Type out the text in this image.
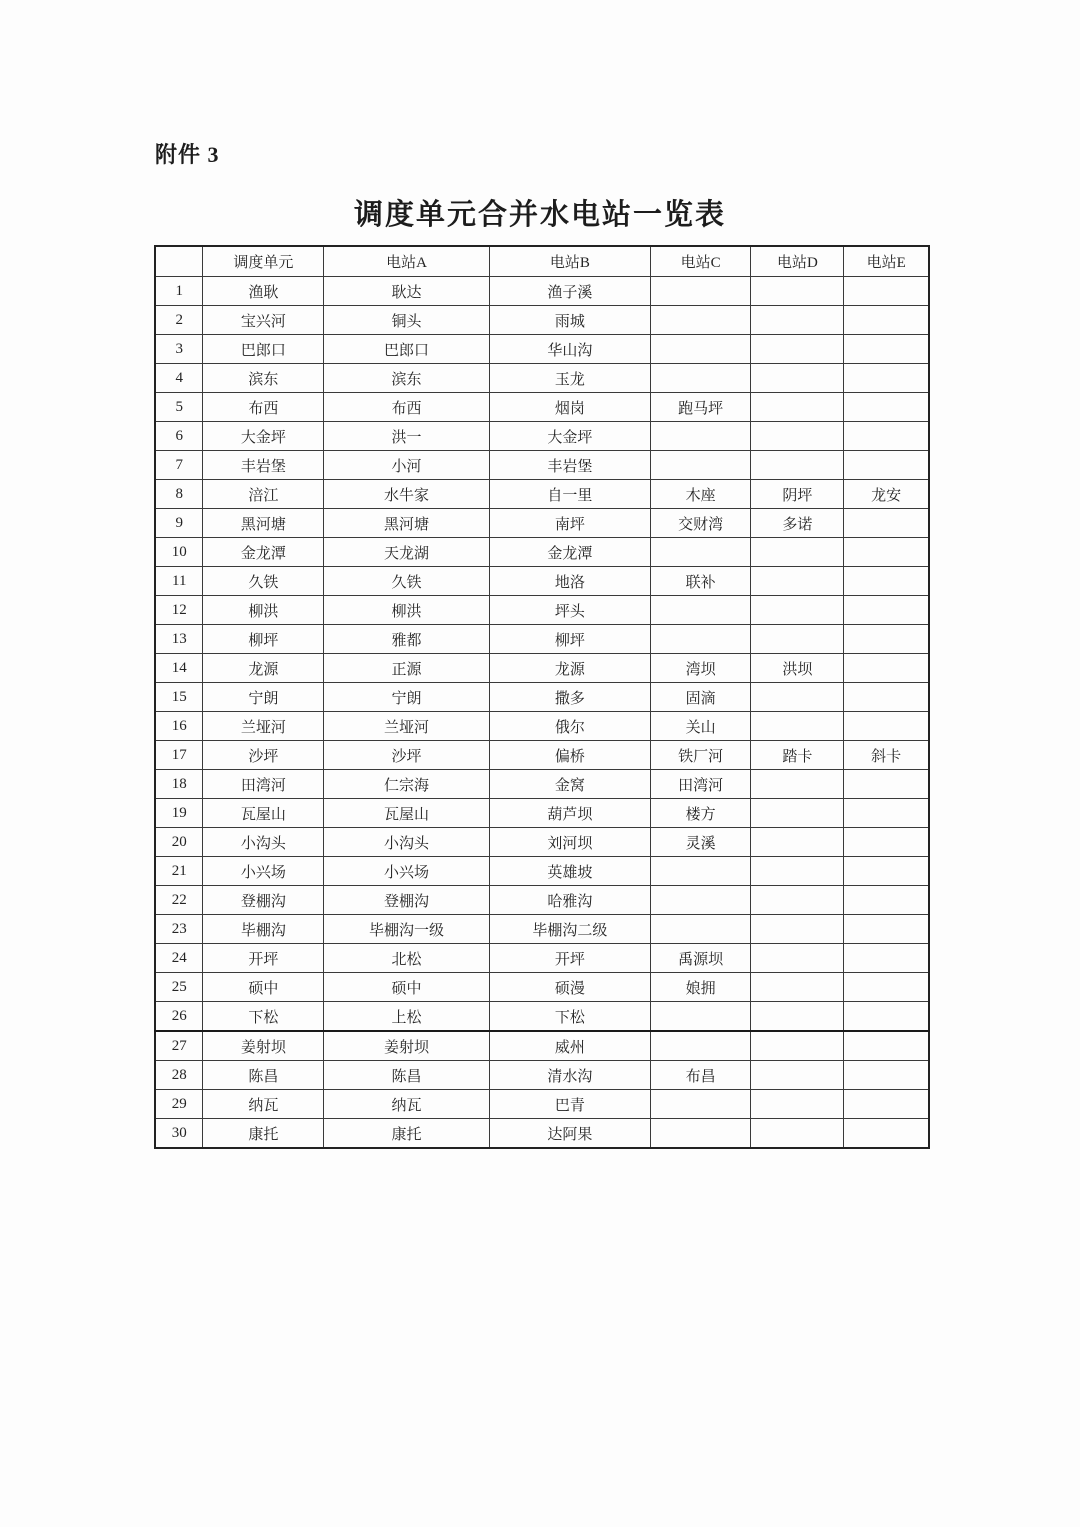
附件 3
调度单元合并水电站一览表
	调度单元	电站A	电站B	电站C	电站D	电站E
1	渔耿	耿达	渔子溪			
2	宝兴河	铜头	雨城			
3	巴郎口	巴郎口	华山沟			
4	滨东	滨东	玉龙			
5	布西	布西	烟岗	跑马坪		
6	大金坪	洪一	大金坪			
7	丰岩堡	小河	丰岩堡			
8	涪江	水牛家	自一里	木座	阴坪	龙安
9	黑河塘	黑河塘	南坪	交财湾	多诺	
10	金龙潭	天龙湖	金龙潭			
11	久铁	久铁	地洛	联补		
12	柳洪	柳洪	坪头			
13	柳坪	雅都	柳坪			
14	龙源	正源	龙源	湾坝	洪坝	
15	宁朗	宁朗	撒多	固滴		
16	兰垭河	兰垭河	俄尔	关山		
17	沙坪	沙坪	偏桥	铁厂河	踏卡	斜卡
18	田湾河	仁宗海	金窝	田湾河		
19	瓦屋山	瓦屋山	葫芦坝	楼方		
20	小沟头	小沟头	刘河坝	灵溪		
21	小兴场	小兴场	英雄坡			
22	登棚沟	登棚沟	哈雅沟			
23	毕棚沟	毕棚沟一级	毕棚沟二级			
24	开坪	北松	开坪	禹源坝		
25	硕中	硕中	硕漫	娘拥		
26	下松	上松	下松			
27	姜射坝	姜射坝	威州			
28	陈昌	陈昌	清水沟	布昌		
29	纳瓦	纳瓦	巴青			
30	康托	康托	达阿果			
